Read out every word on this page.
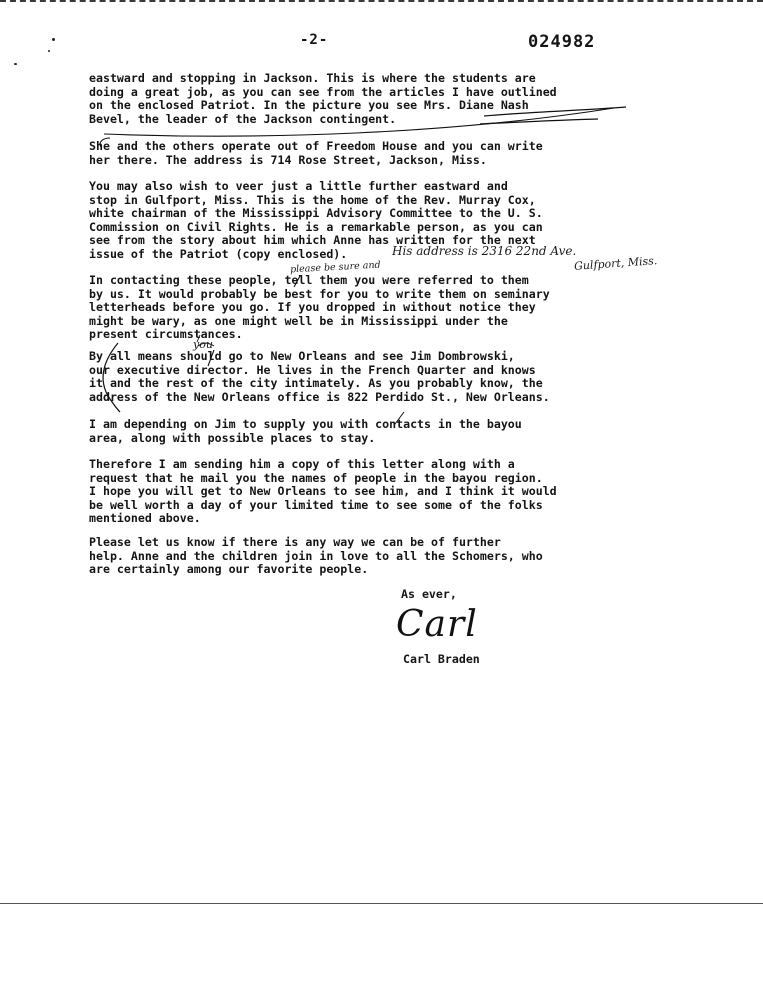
-2-	024982

eastward and stopping in Jackson. This is where the students are
doing a great job, as you can see from the articles I have outlined
on the enclosed Patriot. In the picture you see Mrs. Diane Nash
Bevel, the leader of the Jackson contingent.

She and the others operate out of Freedom House and you can write
her there. The address is 714 Rose Street, Jackson, Miss.

You may also wish to veer just a little further eastward and
stop in Gulfport, Miss. This is the home of the Rev. Murray Cox,
white chairman of the Mississippi Advisory Committee to the U. S.
Commission on Civil Rights. He is a remarkable person, as you can
see from the story about him which Anne has written for the next
issue of the Patriot (copy enclosed).

In contacting these people, tell them you were referred to them
by us. It would probably be best for you to write them on seminary
letterheads before you go. If you dropped in without notice they
might be wary, as one might well be in Mississippi under the
present circumstances.

By all means should go to New Orleans and see Jim Dombrowski,
our executive director. He lives in the French Quarter and knows
it and the rest of the city intimately. As you probably know, the
address of the New Orleans office is 822 Perdido St., New Orleans.

I am depending on Jim to supply you with contacts in the bayou
area, along with possible places to stay.

Therefore I am sending him a copy of this letter along with a
request that he mail you the names of people in the bayou region.
I hope you will get to New Orleans to see him, and I think it would
be well worth a day of your limited time to see some of the folks
mentioned above.

Please let us know if there is any way we can be of further
help. Anne and the children join in love to all the Schomers, who
are certainly among our favorite people.

His address is 2316 22nd Ave.
Gulfport, Miss.
please be sure and
you
As ever,
Carl
Carl Braden
